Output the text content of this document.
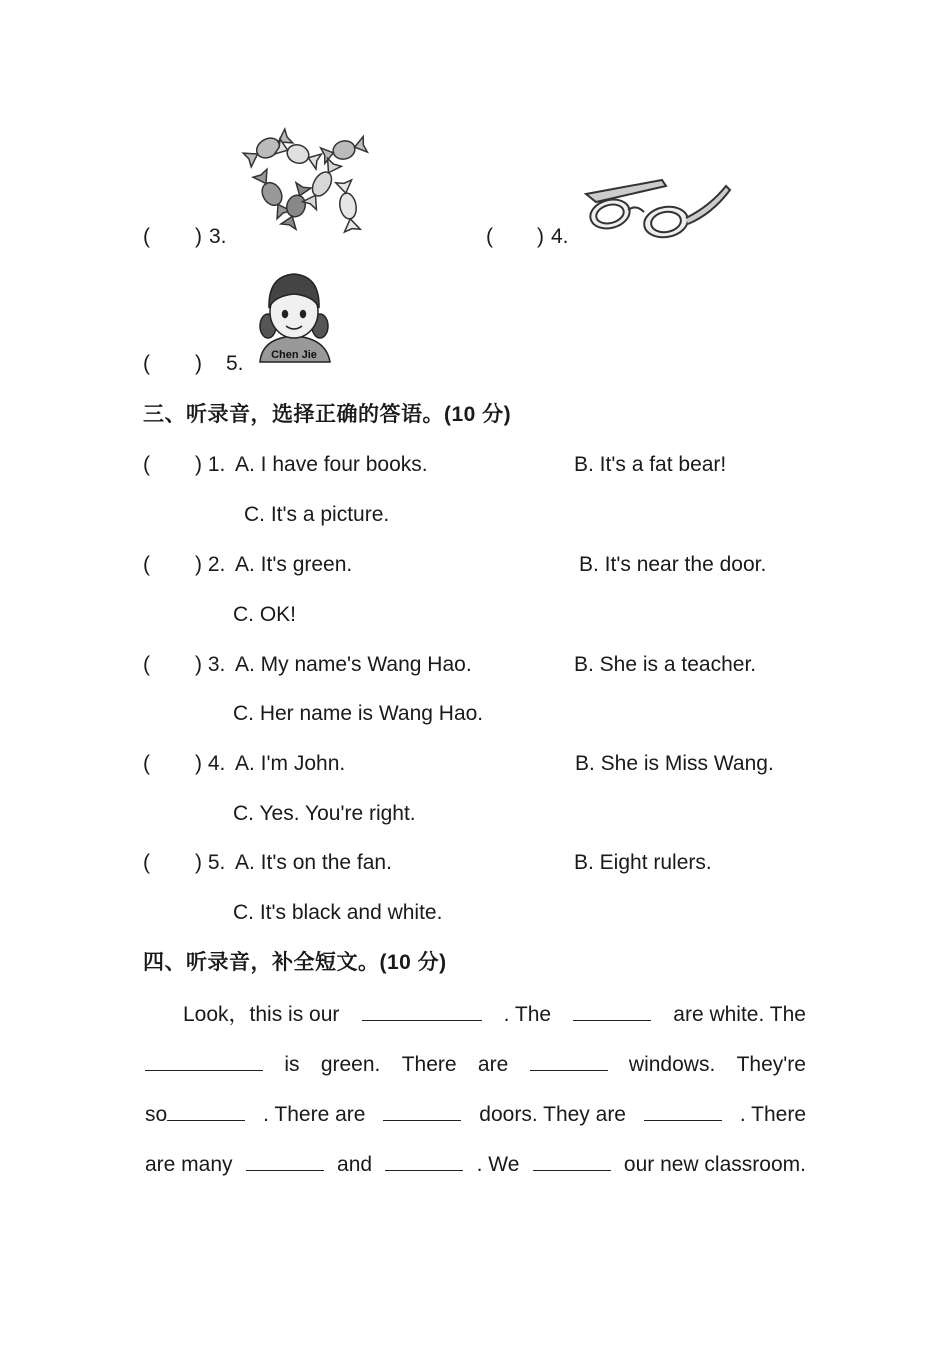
( ) 3.	( ) 4.
( ) 5.	Chen Jie
三、听录音，选择正确的答语。(10 分)
( ) 1. A. I have four books.	B. It's a fat bear!
C. It's a picture.
( ) 2. A. It's green.	B. It's near the door.
C. OK!
( ) 3. A. My name's Wang Hao.	B. She is a teacher.
C. Her name is Wang Hao.
( ) 4. A. I'm John.	B. She is Miss Wang.
C. Yes. You're right.
( ) 5. A. It's on the fan.	B. Eight rulers.
C. It's black and white.
四、听录音，补全短文。(10 分)
Look，this is our	. The	are white. The
is green. There are	windows. They're
so	. There are	doors. They are	. There
are many	and	. We	our new classroom.
